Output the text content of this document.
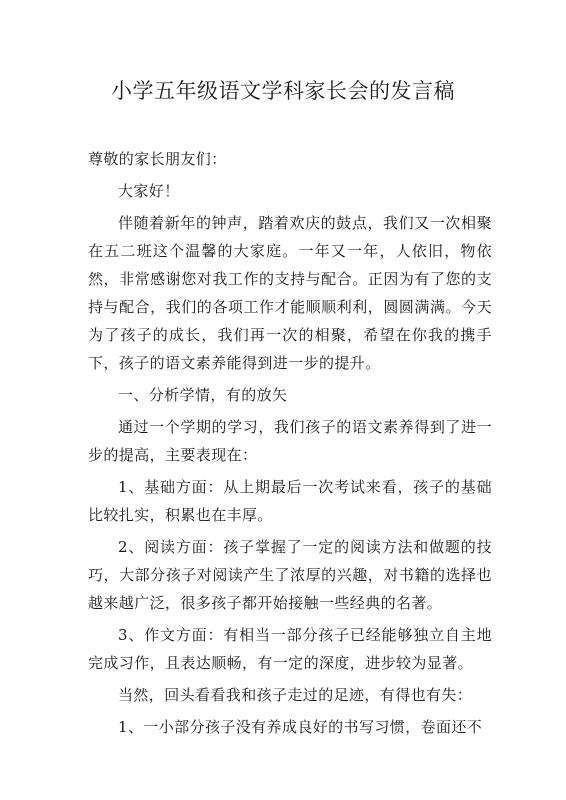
小学五年级语文学科家长会的发言稿

尊敬的家长朋友们：

大家好！

伴随着新年的钟声，踏着欢庆的鼓点，我们又一次相聚在五二班这个温馨的大家庭。一年又一年，人依旧，物依然，非常感谢您对我工作的支持与配合。正因为有了您的支持与配合，我们的各项工作才能顺顺利利，圆圆满满。今天为了孩子的成长，我们再一次的相聚，希望在你我的携手下，孩子的语文素养能得到进一步的提升。

一、分析学情，有的放矢

通过一个学期的学习，我们孩子的语文素养得到了进一步的提高，主要表现在：

1、基础方面：从上期最后一次考试来看，孩子的基础比较扎实，积累也在丰厚。

2、阅读方面：孩子掌握了一定的阅读方法和做题的技巧，大部分孩子对阅读产生了浓厚的兴趣，对书籍的选择也越来越广泛，很多孩子都开始接触一些经典的名著。

3、作文方面：有相当一部分孩子已经能够独立自主地完成习作，且表达顺畅，有一定的深度，进步较为显著。

当然，回头看看我和孩子走过的足迹，有得也有失：

1、一小部分孩子没有养成良好的书写习惯，卷面还不
